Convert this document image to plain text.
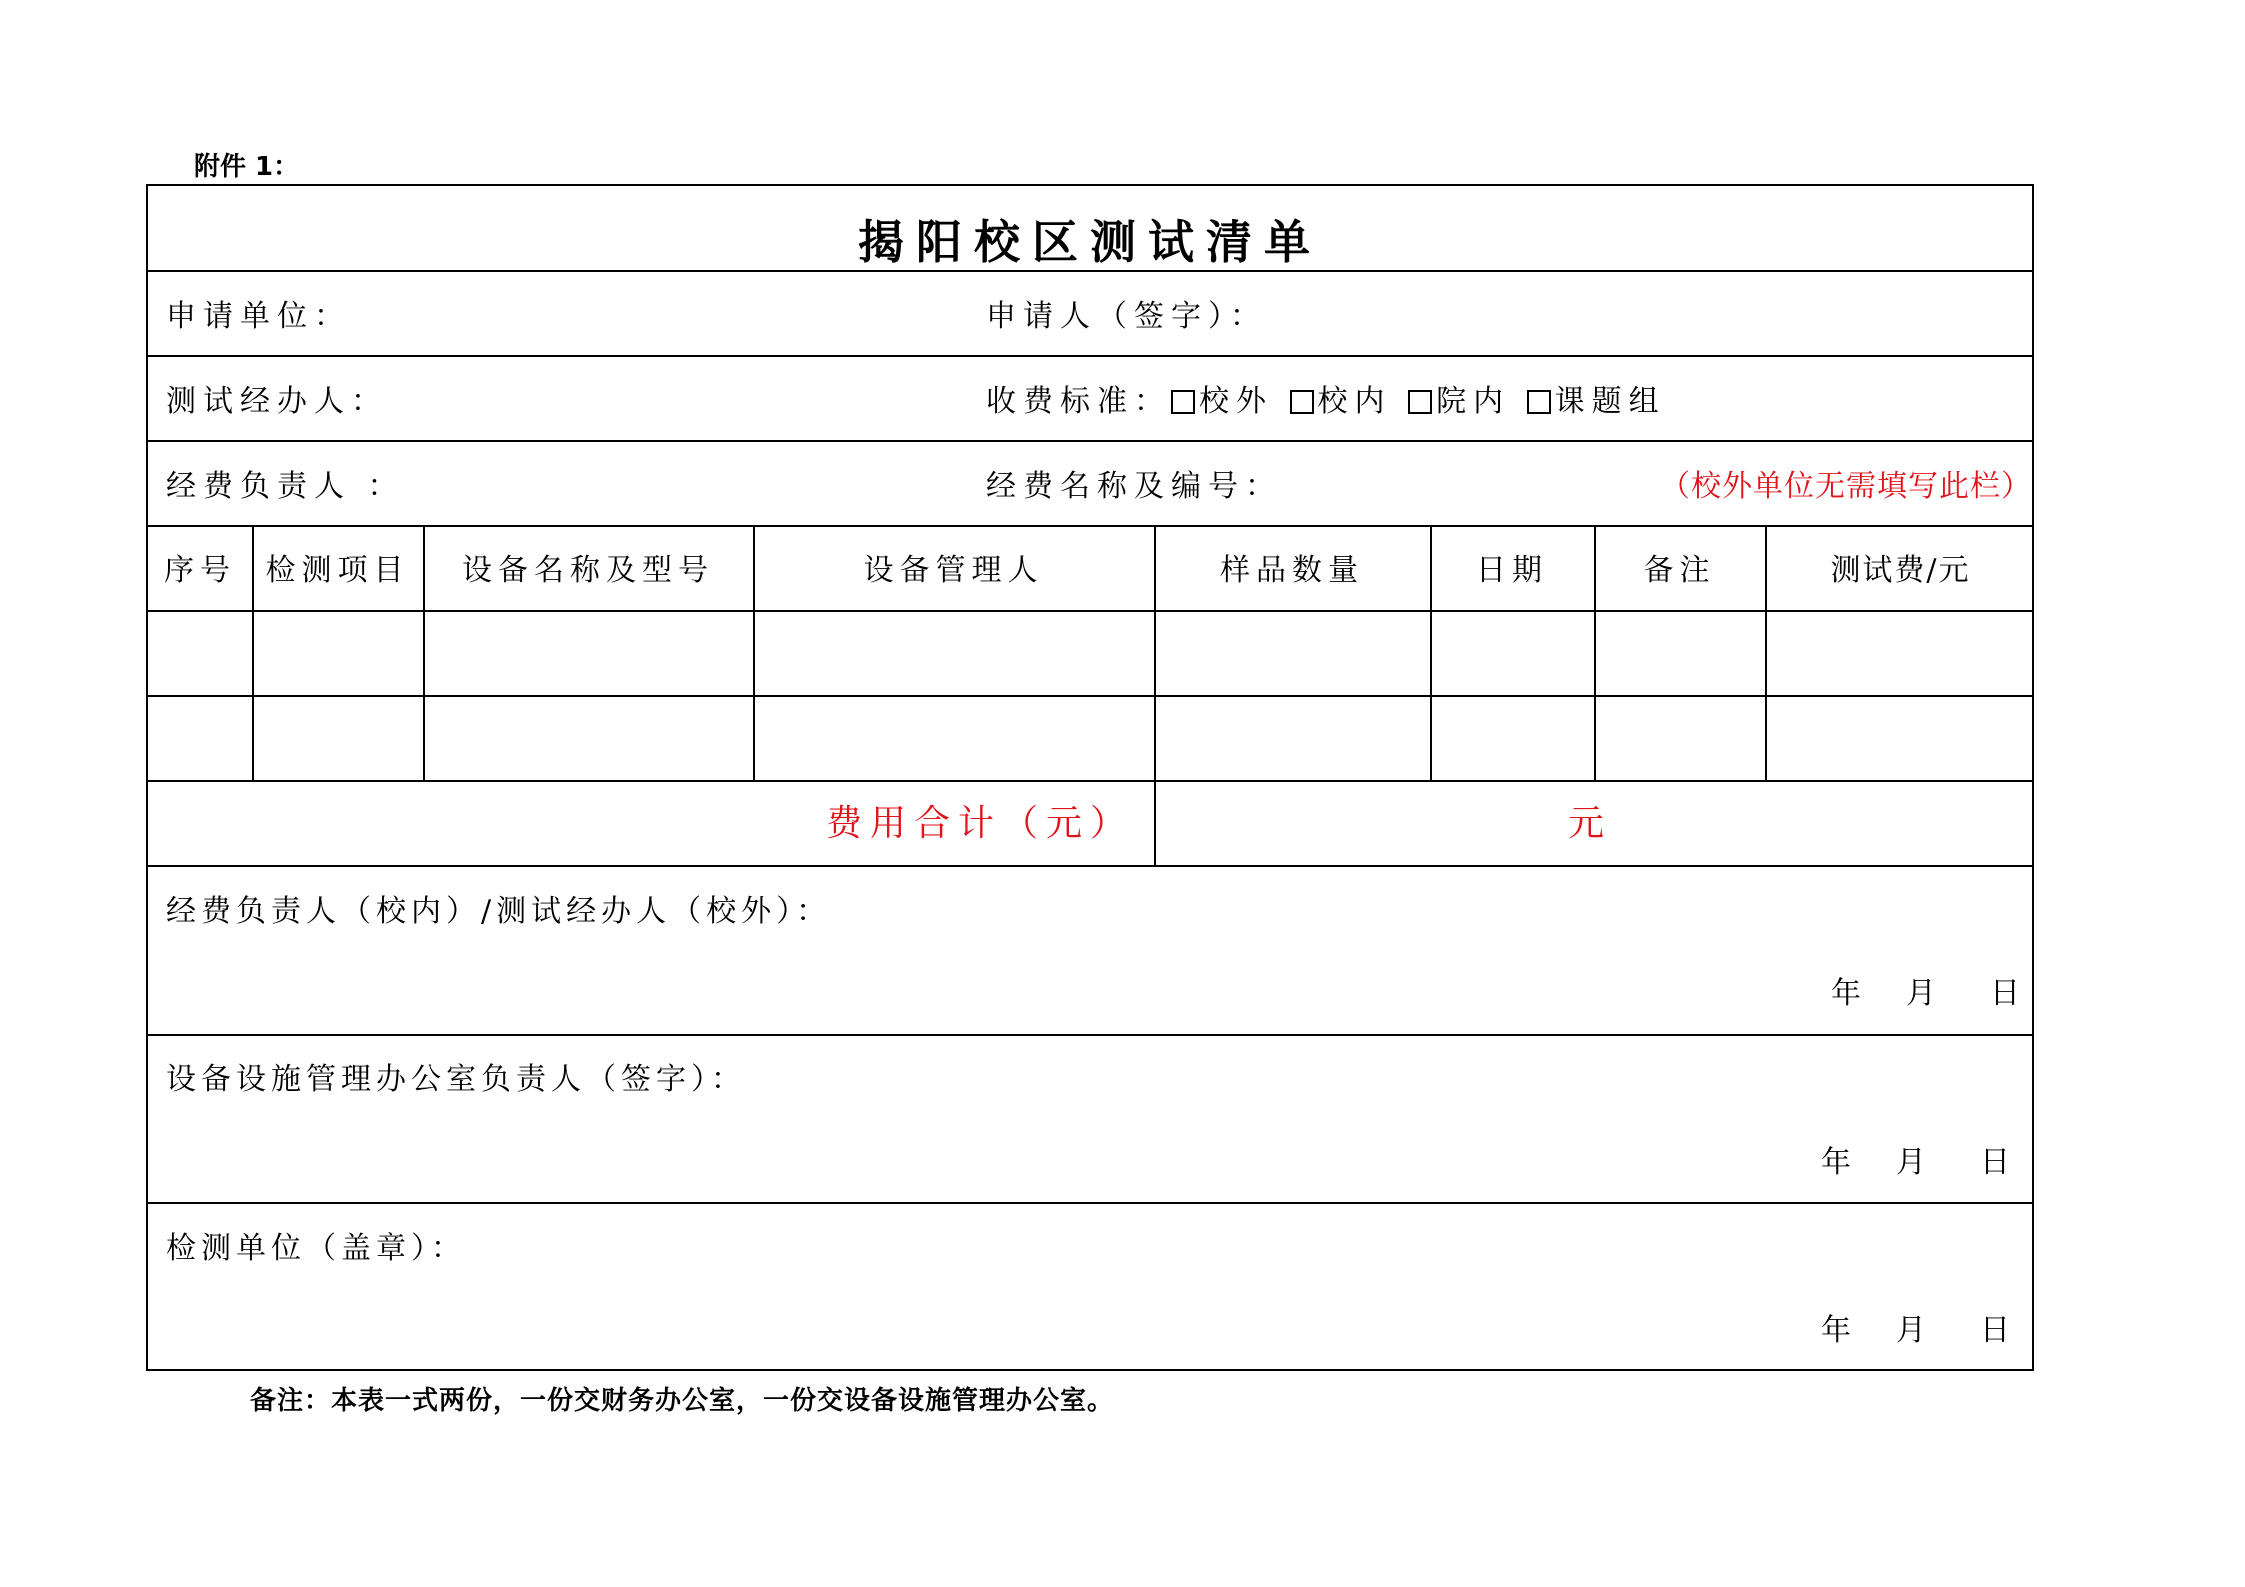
附件 1：
揭阳校区测试清单
申请单位：	申请人（签字）：
测试经办人：	收费标准： 校外 校内 院内 课题组
经费负责人 ：	经费名称及编号：	（校外单位无需填写此栏）
序号 检测项目	设备名称及型号	设备管理人	样品数量	日期	备注	测试费/元
费用合计（元）	元
经费负责人（校内）/测试经办人（校外）：
年 月 日
设备设施管理办公室负责人（签字）：
年 月 日
检测单位（盖章）：
年 月 日
备注：本表一式两份，一份交财务办公室，一份交设备设施管理办公室。
